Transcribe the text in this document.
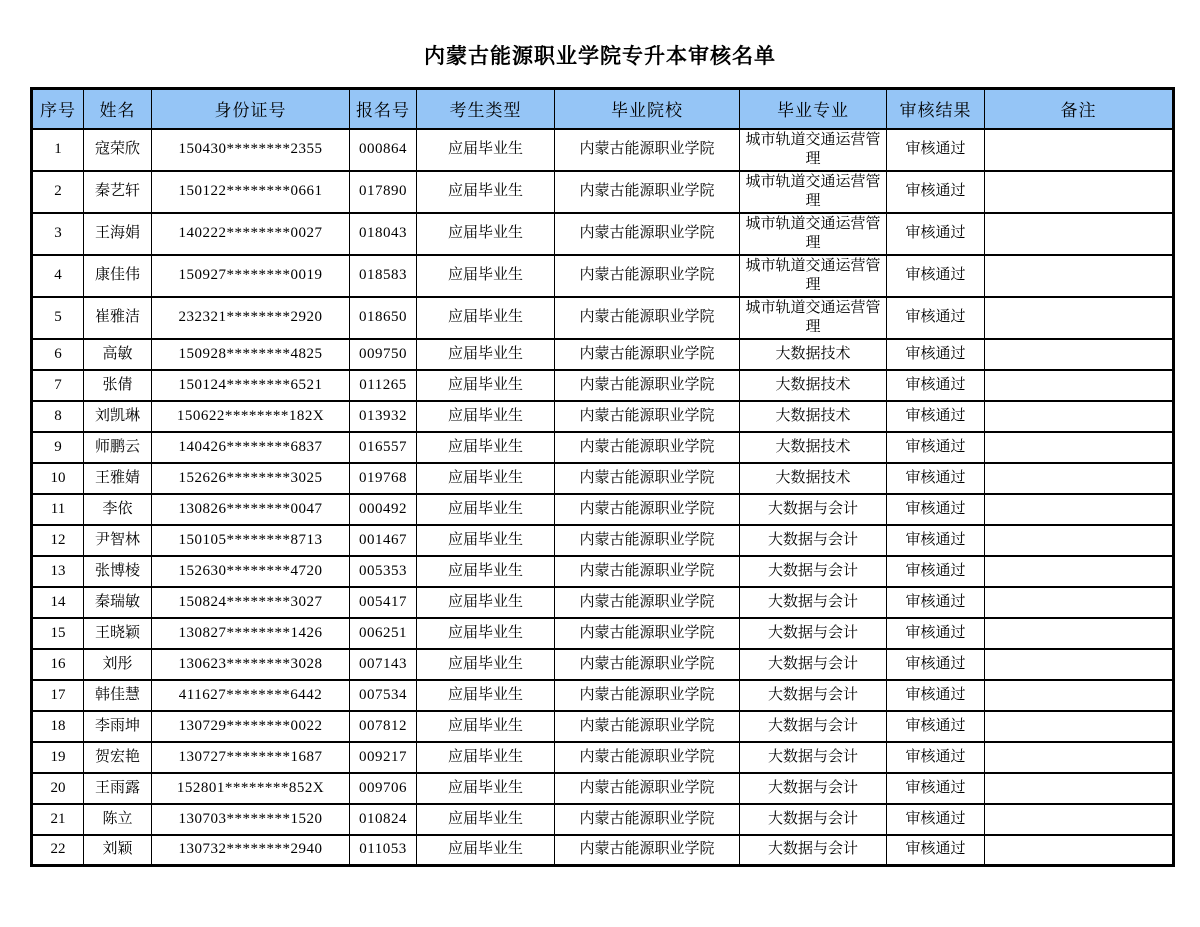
内蒙古能源职业学院专升本审核名单
序号	姓名	身份证号	报名号	考生类型	毕业院校	毕业专业	审核结果	备注
1	寇荣欣	150430********2355	000864	应届毕业生	内蒙古能源职业学院	城市轨道交通运营管理	审核通过	
2	秦艺轩	150122********0661	017890	应届毕业生	内蒙古能源职业学院	城市轨道交通运营管理	审核通过	
3	王海娟	140222********0027	018043	应届毕业生	内蒙古能源职业学院	城市轨道交通运营管理	审核通过	
4	康佳伟	150927********0019	018583	应届毕业生	内蒙古能源职业学院	城市轨道交通运营管理	审核通过	
5	崔雅洁	232321********2920	018650	应届毕业生	内蒙古能源职业学院	城市轨道交通运营管理	审核通过	
6	高敏	150928********4825	009750	应届毕业生	内蒙古能源职业学院	大数据技术	审核通过	
7	张倩	150124********6521	011265	应届毕业生	内蒙古能源职业学院	大数据技术	审核通过	
8	刘凯琳	150622********182X	013932	应届毕业生	内蒙古能源职业学院	大数据技术	审核通过	
9	师鹏云	140426********6837	016557	应届毕业生	内蒙古能源职业学院	大数据技术	审核通过	
10	王雅婧	152626********3025	019768	应届毕业生	内蒙古能源职业学院	大数据技术	审核通过	
11	李依	130826********0047	000492	应届毕业生	内蒙古能源职业学院	大数据与会计	审核通过	
12	尹智林	150105********8713	001467	应届毕业生	内蒙古能源职业学院	大数据与会计	审核通过	
13	张博棱	152630********4720	005353	应届毕业生	内蒙古能源职业学院	大数据与会计	审核通过	
14	秦瑞敏	150824********3027	005417	应届毕业生	内蒙古能源职业学院	大数据与会计	审核通过	
15	王晓颖	130827********1426	006251	应届毕业生	内蒙古能源职业学院	大数据与会计	审核通过	
16	刘彤	130623********3028	007143	应届毕业生	内蒙古能源职业学院	大数据与会计	审核通过	
17	韩佳慧	411627********6442	007534	应届毕业生	内蒙古能源职业学院	大数据与会计	审核通过	
18	李雨坤	130729********0022	007812	应届毕业生	内蒙古能源职业学院	大数据与会计	审核通过	
19	贺宏艳	130727********1687	009217	应届毕业生	内蒙古能源职业学院	大数据与会计	审核通过	
20	王雨露	152801********852X	009706	应届毕业生	内蒙古能源职业学院	大数据与会计	审核通过	
21	陈立	130703********1520	010824	应届毕业生	内蒙古能源职业学院	大数据与会计	审核通过	
22	刘颖	130732********2940	011053	应届毕业生	内蒙古能源职业学院	大数据与会计	审核通过	
